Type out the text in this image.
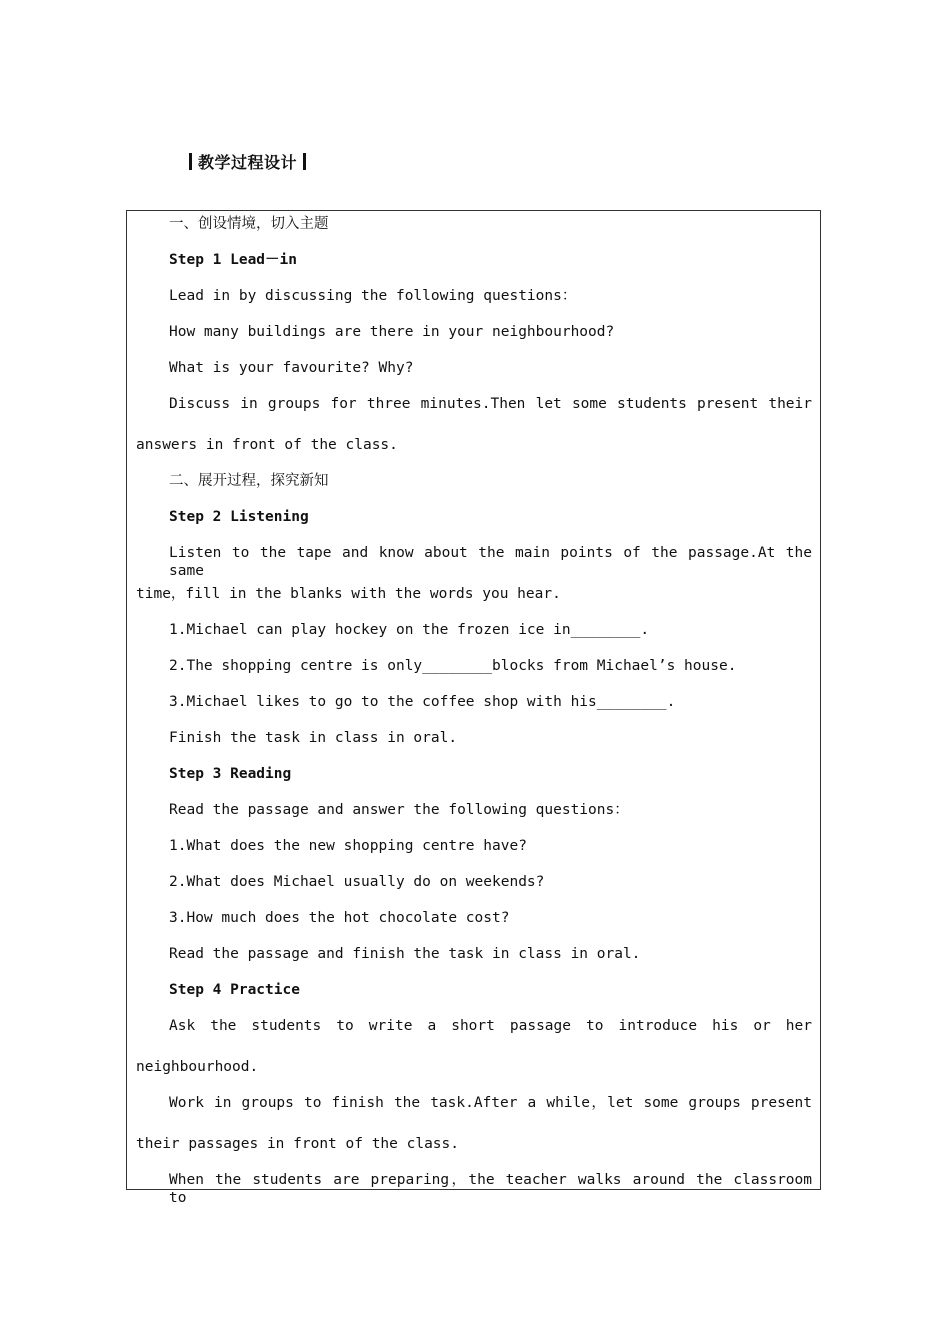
教学过程设计
一、创设情境，切入主题
Step 1 Lead－in
Lead in by discussing the following questions：
How many buildings are there in your neighbourhood?
What is your favourite? Why?
Discuss in groups for three minutes.Then let some students present their
answers in front of the class.
二、展开过程，探究新知
Step 2 Listening
Listen to the tape and know about the main points of the passage.At the same
time，fill in the blanks with the words you hear.
1.Michael can play hockey on the frozen ice in________.
2.The shopping centre is only________blocks from Michael’s house.
3.Michael likes to go to the coffee shop with his________.
Finish the task in class in oral.
Step 3 Reading
Read the passage and answer the following questions：
1.What does the new shopping centre have?
2.What does Michael usually do on weekends?
3.How much does the hot chocolate cost?
Read the passage and finish the task in class in oral.
Step 4 Practice
Ask the students to write a short passage to introduce his or her
neighbourhood.
Work in groups to finish the task.After a while，let some groups present
their passages in front of the class.
When the students are preparing，the teacher walks around the classroom to
